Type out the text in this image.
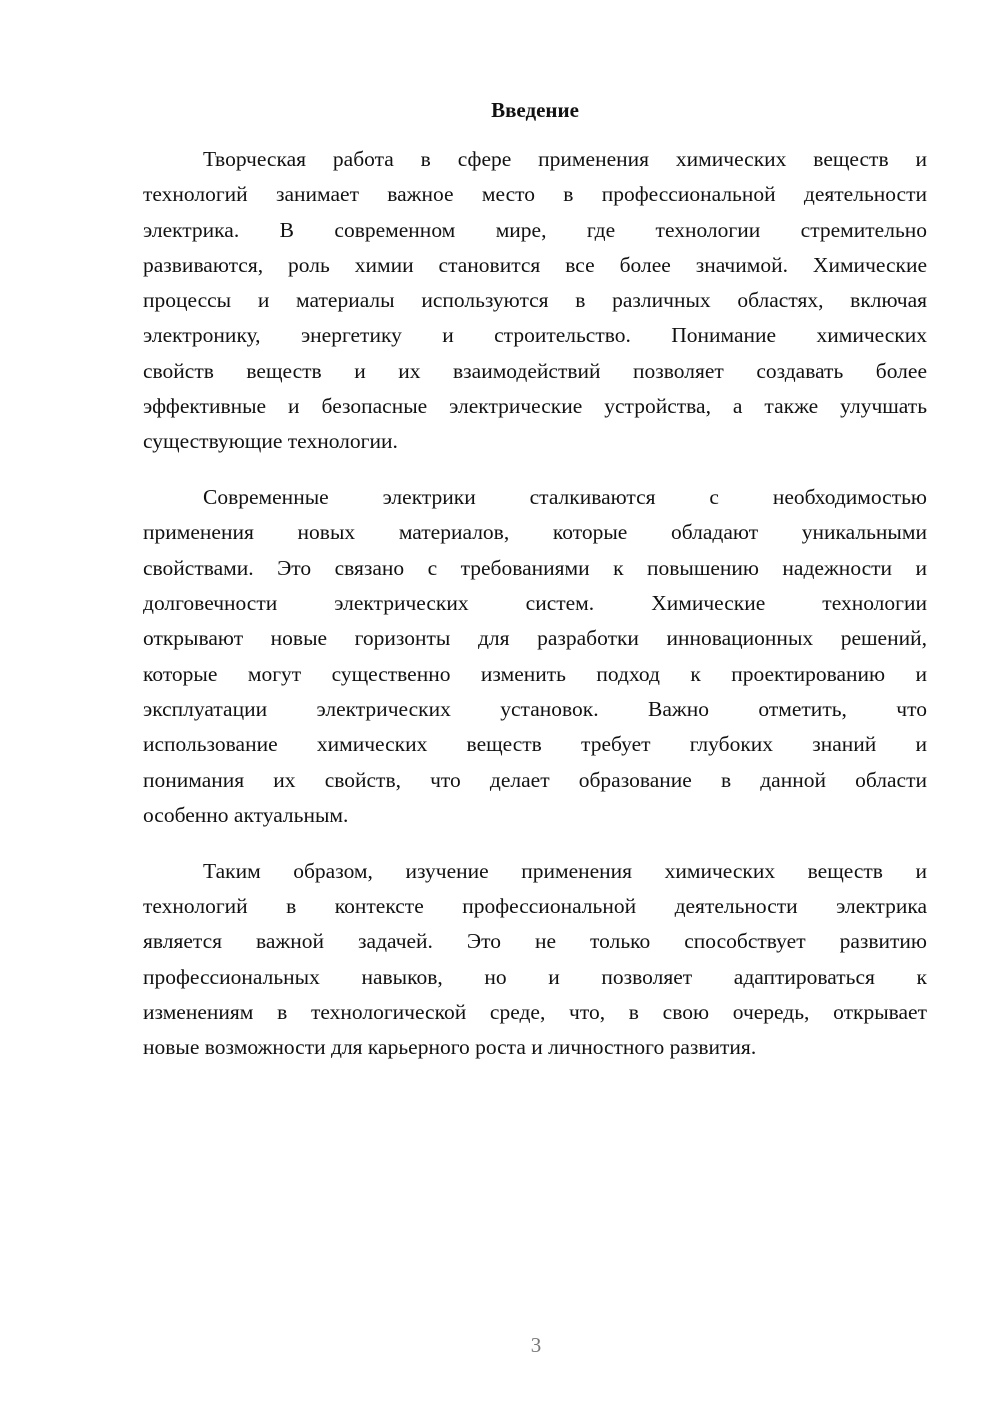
Введение
Творческая работа в сфере применения химических веществ и
технологий занимает важное место в профессиональной деятельности
электрика. В современном мире, где технологии стремительно
развиваются, роль химии становится все более значимой. Химические
процессы и материалы используются в различных областях, включая
электронику, энергетику и строительство. Понимание химических
свойств веществ и их взаимодействий позволяет создавать более
эффективные и безопасные электрические устройства, а также улучшать
существующие технологии.
Современные электрики сталкиваются с необходимостью
применения новых материалов, которые обладают уникальными
свойствами. Это связано с требованиями к повышению надежности и
долговечности электрических систем. Химические технологии
открывают новые горизонты для разработки инновационных решений,
которые могут существенно изменить подход к проектированию и
эксплуатации электрических установок. Важно отметить, что
использование химических веществ требует глубоких знаний и
понимания их свойств, что делает образование в данной области
особенно актуальным.
Таким образом, изучение применения химических веществ и
технологий в контексте профессиональной деятельности электрика
является важной задачей. Это не только способствует развитию
профессиональных навыков, но и позволяет адаптироваться к
изменениям в технологической среде, что, в свою очередь, открывает
новые возможности для карьерного роста и личностного развития.
3
